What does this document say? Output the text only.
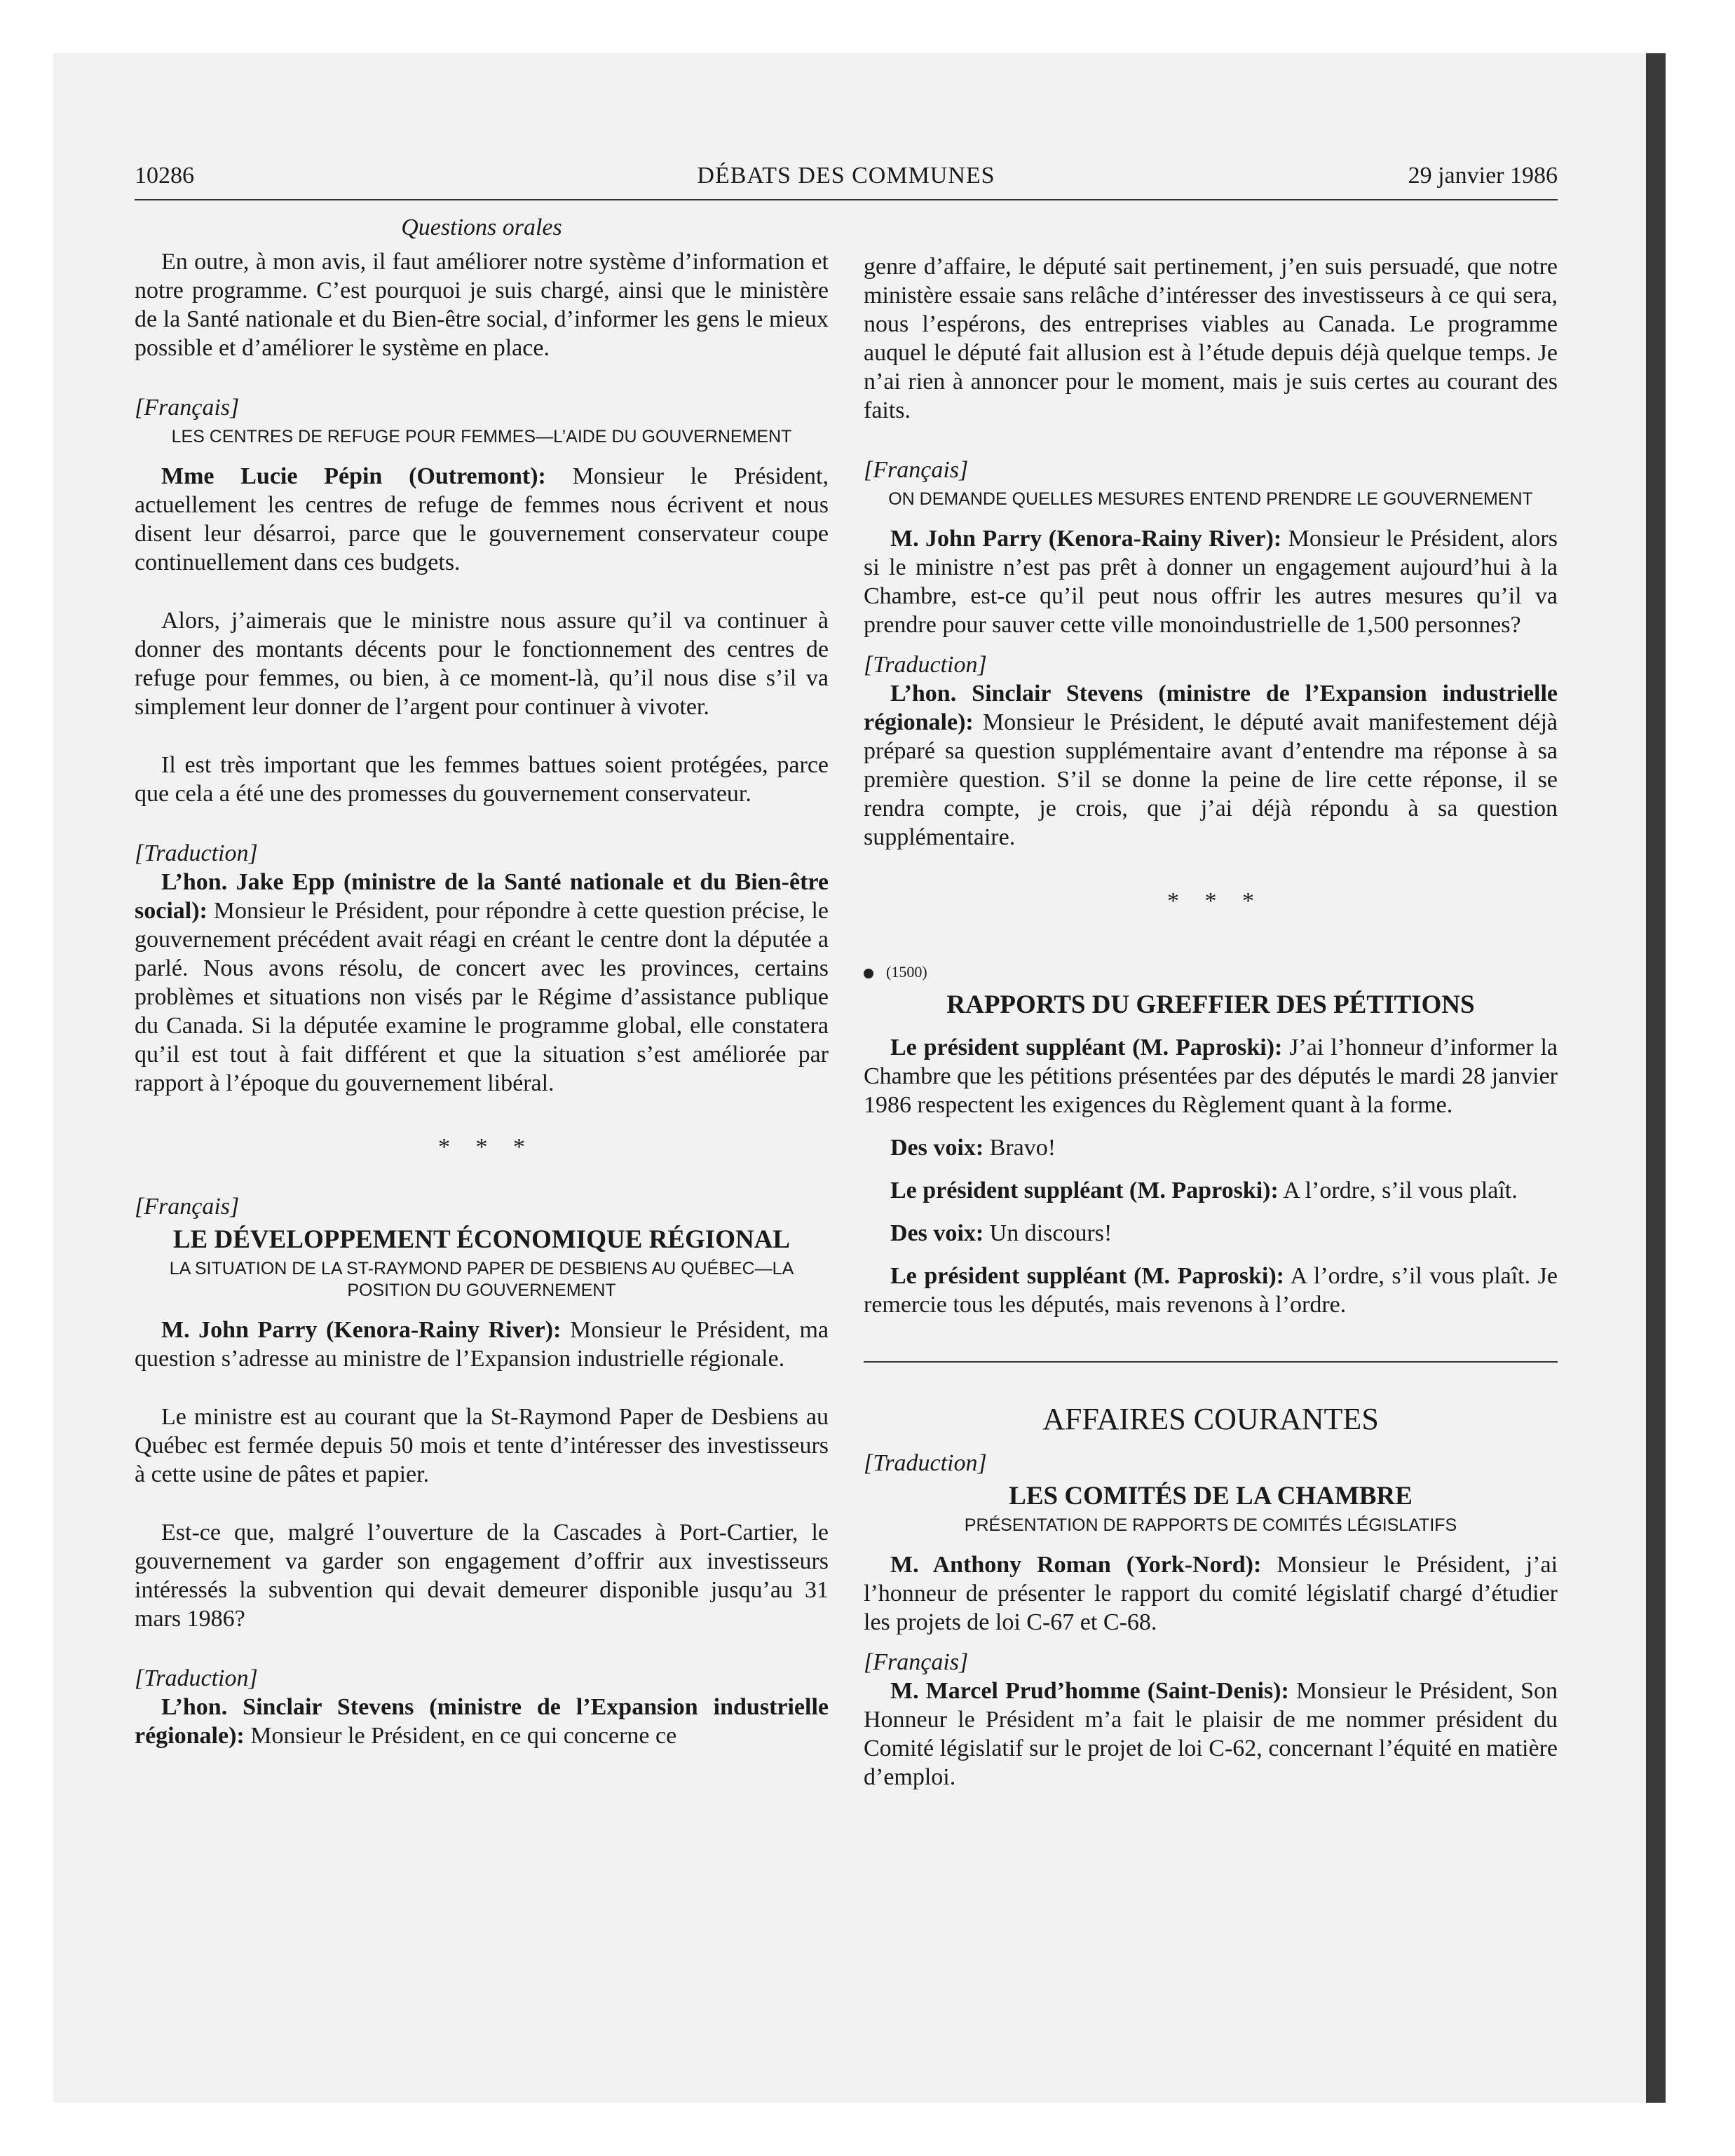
10286	DÉBATS DES COMMUNES	29 janvier 1986
Questions orales

En outre, à mon avis, il faut améliorer notre système d’information et notre programme. C’est pourquoi je suis chargé, ainsi que le ministère de la Santé nationale et du Bien-être social, d’informer les gens le mieux possible et d’améliorer le système en place.

[Français]

LES CENTRES DE REFUGE POUR FEMMES—L’AIDE DU GOUVERNEMENT

Mme Lucie Pépin (Outremont): Monsieur le Président, actuellement les centres de refuge de femmes nous écrivent et nous disent leur désarroi, parce que le gouvernement conservateur coupe continuellement dans ces budgets.

Alors, j’aimerais que le ministre nous assure qu’il va continuer à donner des montants décents pour le fonctionnement des centres de refuge pour femmes, ou bien, à ce moment-là, qu’il nous dise s’il va simplement leur donner de l’argent pour continuer à vivoter.

Il est très important que les femmes battues soient protégées, parce que cela a été une des promesses du gouvernement conservateur.

[Traduction]

L’hon. Jake Epp (ministre de la Santé nationale et du Bien-être social): Monsieur le Président, pour répondre à cette question précise, le gouvernement précédent avait réagi en créant le centre dont la députée a parlé. Nous avons résolu, de concert avec les provinces, certains problèmes et situations non visés par le Régime d’assistance publique du Canada. Si la députée examine le programme global, elle constatera qu’il est tout à fait différent et que la situation s’est améliorée par rapport à l’époque du gouvernement libéral.

* * *

[Français]

LE DÉVELOPPEMENT ÉCONOMIQUE RÉGIONAL
LA SITUATION DE LA ST-RAYMOND PAPER DE DESBIENS AU QUÉBEC—LA POSITION DU GOUVERNEMENT

M. John Parry (Kenora-Rainy River): Monsieur le Président, ma question s’adresse au ministre de l’Expansion industrielle régionale.

Le ministre est au courant que la St-Raymond Paper de Desbiens au Québec est fermée depuis 50 mois et tente d’intéresser des investisseurs à cette usine de pâtes et papier.

Est-ce que, malgré l’ouverture de la Cascades à Port-Cartier, le gouvernement va garder son engagement d’offrir aux investisseurs intéressés la subvention qui devait demeurer disponible jusqu’au 31 mars 1986?

[Traduction]

L’hon. Sinclair Stevens (ministre de l’Expansion industrielle régionale): Monsieur le Président, en ce qui concerne ce

genre d’affaire, le député sait pertinement, j’en suis persuadé, que notre ministère essaie sans relâche d’intéresser des investisseurs à ce qui sera, nous l’espérons, des entreprises viables au Canada. Le programme auquel le député fait allusion est à l’étude depuis déjà quelque temps. Je n’ai rien à annoncer pour le moment, mais je suis certes au courant des faits.

[Français]

ON DEMANDE QUELLES MESURES ENTEND PRENDRE LE GOUVERNEMENT

M. John Parry (Kenora-Rainy River): Monsieur le Président, alors si le ministre n’est pas prêt à donner un engagement aujourd’hui à la Chambre, est-ce qu’il peut nous offrir les autres mesures qu’il va prendre pour sauver cette ville monoindustrielle de 1,500 personnes?

[Traduction]

L’hon. Sinclair Stevens (ministre de l’Expansion industrielle régionale): Monsieur le Président, le député avait manifestement déjà préparé sa question supplémentaire avant d’entendre ma réponse à sa première question. S’il se donne la peine de lire cette réponse, il se rendra compte, je crois, que j’ai déjà répondu à sa question supplémentaire.

* * *
(1500)
RAPPORTS DU GREFFIER DES PÉTITIONS

Le président suppléant (M. Paproski): J’ai l’honneur d’informer la Chambre que les pétitions présentées par des députés le mardi 28 janvier 1986 respectent les exigences du Règlement quant à la forme.

Des voix: Bravo!

Le président suppléant (M. Paproski): A l’ordre, s’il vous plaît.

Des voix: Un discours!

Le président suppléant (M. Paproski): A l’ordre, s’il vous plaît. Je remercie tous les députés, mais revenons à l’ordre.

AFFAIRES COURANTES

[Traduction]

LES COMITÉS DE LA CHAMBRE
PRÉSENTATION DE RAPPORTS DE COMITÉS LÉGISLATIFS

M. Anthony Roman (York-Nord): Monsieur le Président, j’ai l’honneur de présenter le rapport du comité législatif chargé d’étudier les projets de loi C-67 et C-68.

[Français]

M. Marcel Prud’homme (Saint-Denis): Monsieur le Président, Son Honneur le Président m’a fait le plaisir de me nommer président du Comité législatif sur le projet de loi C-62, concernant l’équité en matière d’emploi.
